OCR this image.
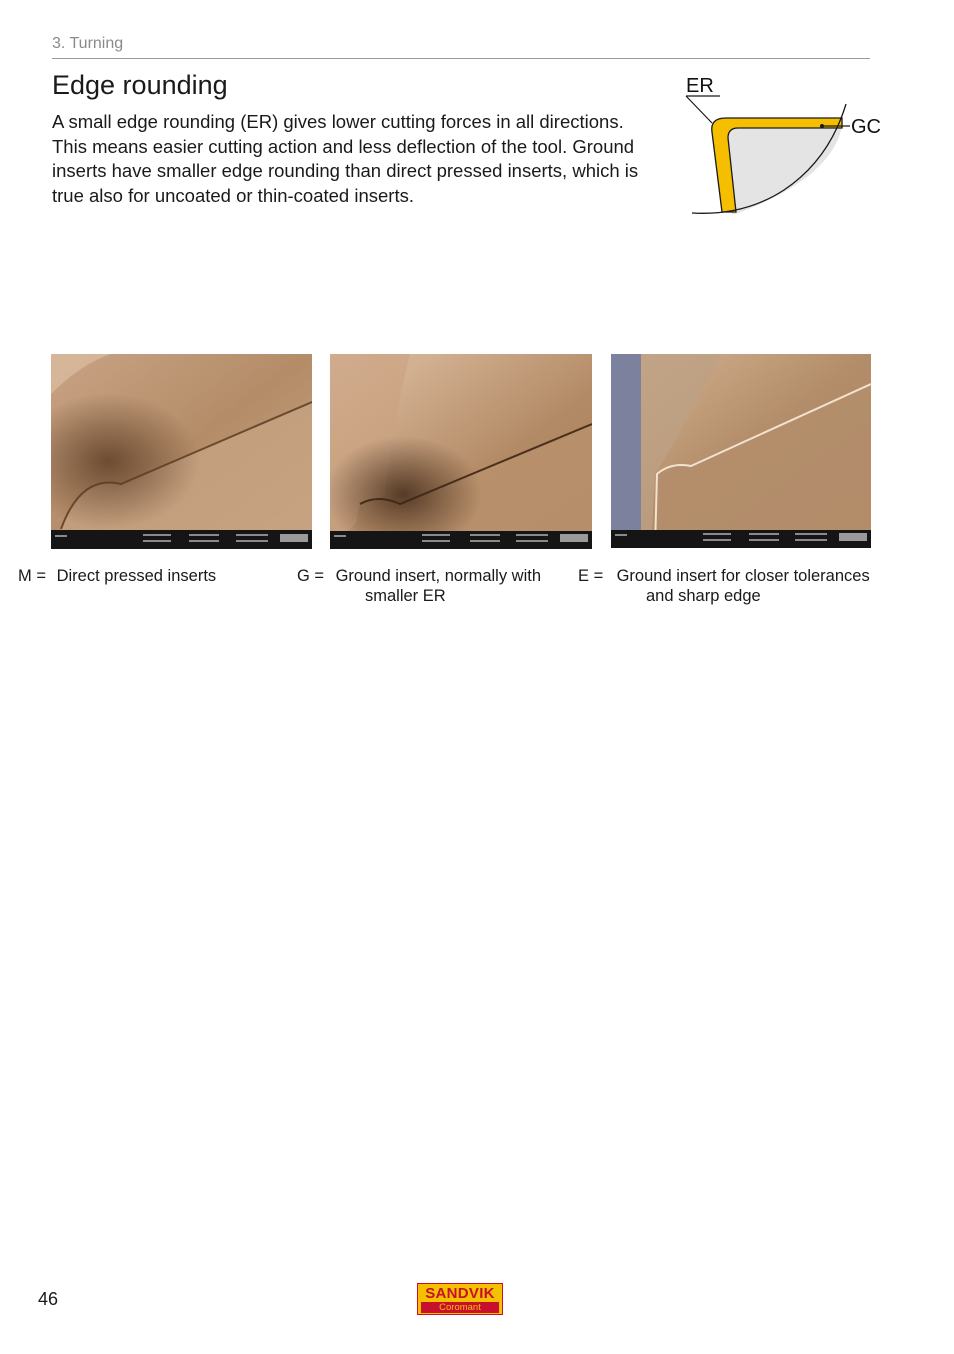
3. Turning
Edge rounding

A small edge rounding (ER) gives lower cutting forces in all directions. This means easier cutting action and less deflection of the tool. Ground inserts have smaller edge rounding than direct pressed inserts, which is true also for uncoated or thin-coated inserts.

ER
GC
M = Direct pressed inserts	G = Ground insert, normally with smaller ER
E = Ground insert for closer tolerances and sharp edge
46	SANDVIK
Coromant
